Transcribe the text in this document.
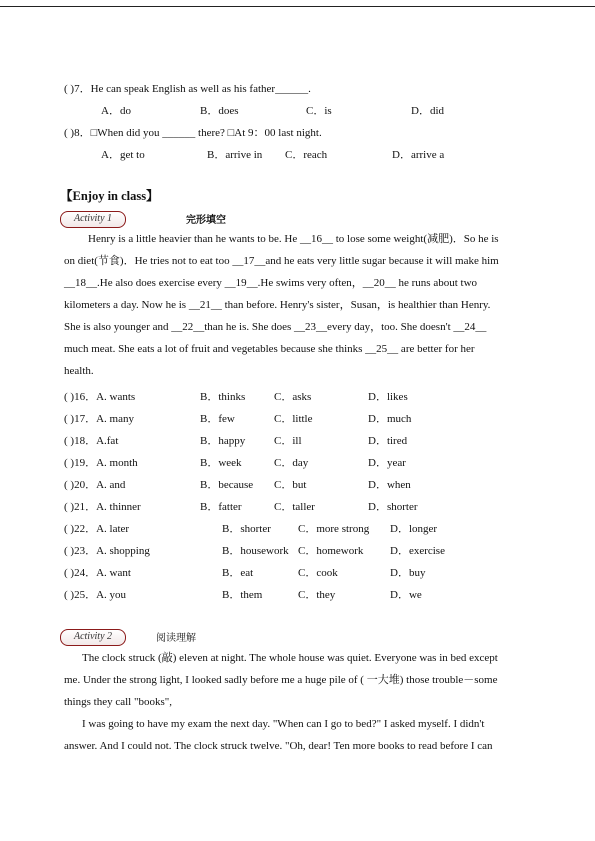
( )7．He can speak English as well as his father______.
A．do	B．does	C．is	D．did
( )8．□When did you ______ there? □At 9：00 last night.
A．get to	B．arrive in C．reach	D．arrive a
【Enjoy in class】
Activity 1	完形填空

Henry is a little heavier than he wants to be. He __16__ to lose some weight(减肥)．So he is

on diet(节食)．He tries not to eat too __17__and he eats very little sugar because it will make him

__18__.He also does exercise every __19__.He swims very often，__20__ he runs about two

kilometers a day. Now he is __21__ than before. Henry's sister，Susan，is healthier than Henry.

She is also younger and __22__than he is. She does __23__every day，too. She doesn't __24__

much meat. She eats a lot of fruit and vegetables because she thinks __25__ are better for her

health.

( )16．A. wants	B．thinks	C．asks	D．likes
( )17．A. many	B．few	C．little	D．much
( )18．A.fat	B．happy	C．ill	D．tired
( )19．A. month	B．week	C．day	D．year
( )20．A. and	B．because C．but	D．when
( )21．A. thinner	B．fatter	C．taller	D．shorter
( )22．A. later	B．shorter C．more strong D．longer
( )23．A. shopping	B．housework C．homework D．exercise
( )24．A. want	B．eat	C．cook	D．buy
( )25．A. you	B．them	C．they	D．we
Activity 2	阅读理解

The clock struck (敲) eleven at night. The whole house was quiet. Everyone was in bed except

me. Under the strong light, I looked sadly before me a huge pile of ( 一大堆) those trouble－some

things they call "books",

I was going to have my exam the next day. "When can I go to bed?" I asked myself. I didn't

answer. And I could not. The clock struck twelve. "Oh, dear! Ten more books to read before I can
